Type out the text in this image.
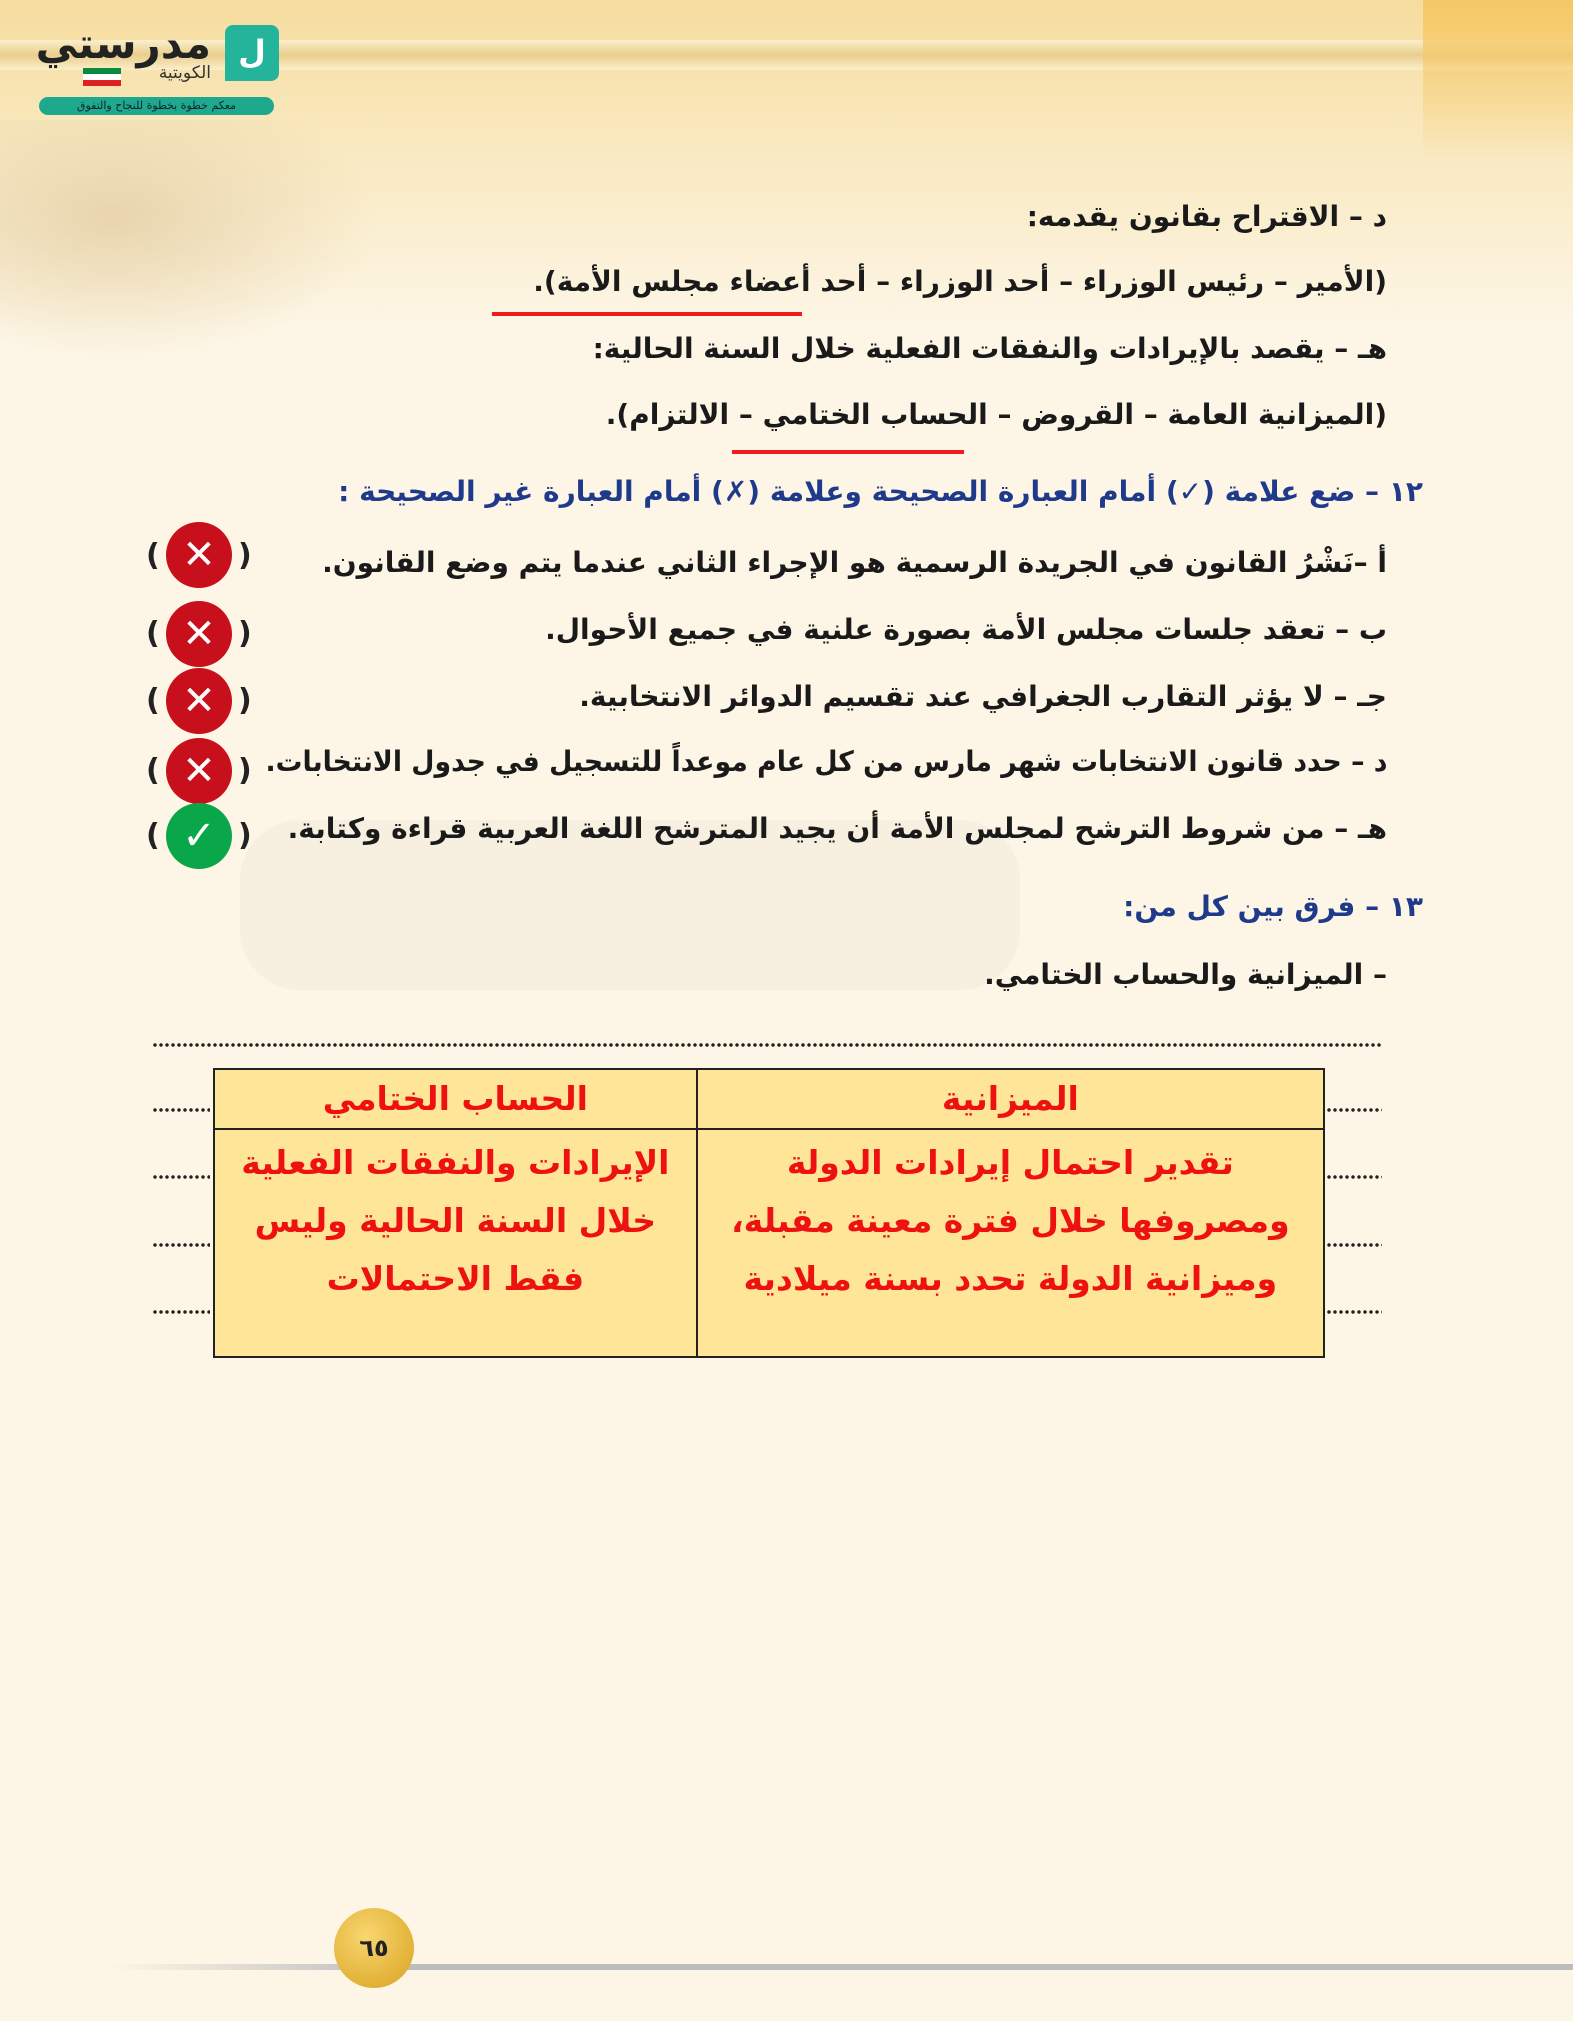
ل
مدرستي
الكويتية
معكم خطوة بخطوة للنجاح والتفوق
د – الاقتراح بقانون يقدمه:
(الأمير – رئيس الوزراء – أحد الوزراء – أحد أعضاء مجلس الأمة).
هـ – يقصد بالإيرادات والنفقات الفعلية خلال السنة الحالية:
(الميزانية العامة – القروض – الحساب الختامي – الالتزام).
١٢ – ضع علامة (✓) أمام العبارة الصحيحة وعلامة (✗) أمام العبارة غير الصحيحة :
أ –نَشْرُ القانون في الجريدة الرسمية هو الإجراء الثاني عندما يتم وضع القانون.
( ✕ )
ب – تعقد جلسات مجلس الأمة بصورة علنية في جميع الأحوال.
( ✕ )
جـ – لا يؤثر التقارب الجغرافي عند تقسيم الدوائر الانتخابية.
( ✕ )
د – حدد قانون الانتخابات شهر مارس من كل عام موعداً للتسجيل في جدول الانتخابات.
( ✕ )
هـ – من شروط الترشح لمجلس الأمة أن يجيد المترشح اللغة العربية قراءة وكتابة.
( ✓ )
١٣ – فرق بين كل من:
– الميزانية والحساب الختامي.
الميزانية	الحساب الختامي
تقدير احتمال إيرادات الدولة ومصروفها خلال فترة معينة مقبلة، وميزانية الدولة تحدد بسنة ميلادية	الإيرادات والنفقات الفعلية خلال السنة الحالية وليس فقط الاحتمالات
٦٥
